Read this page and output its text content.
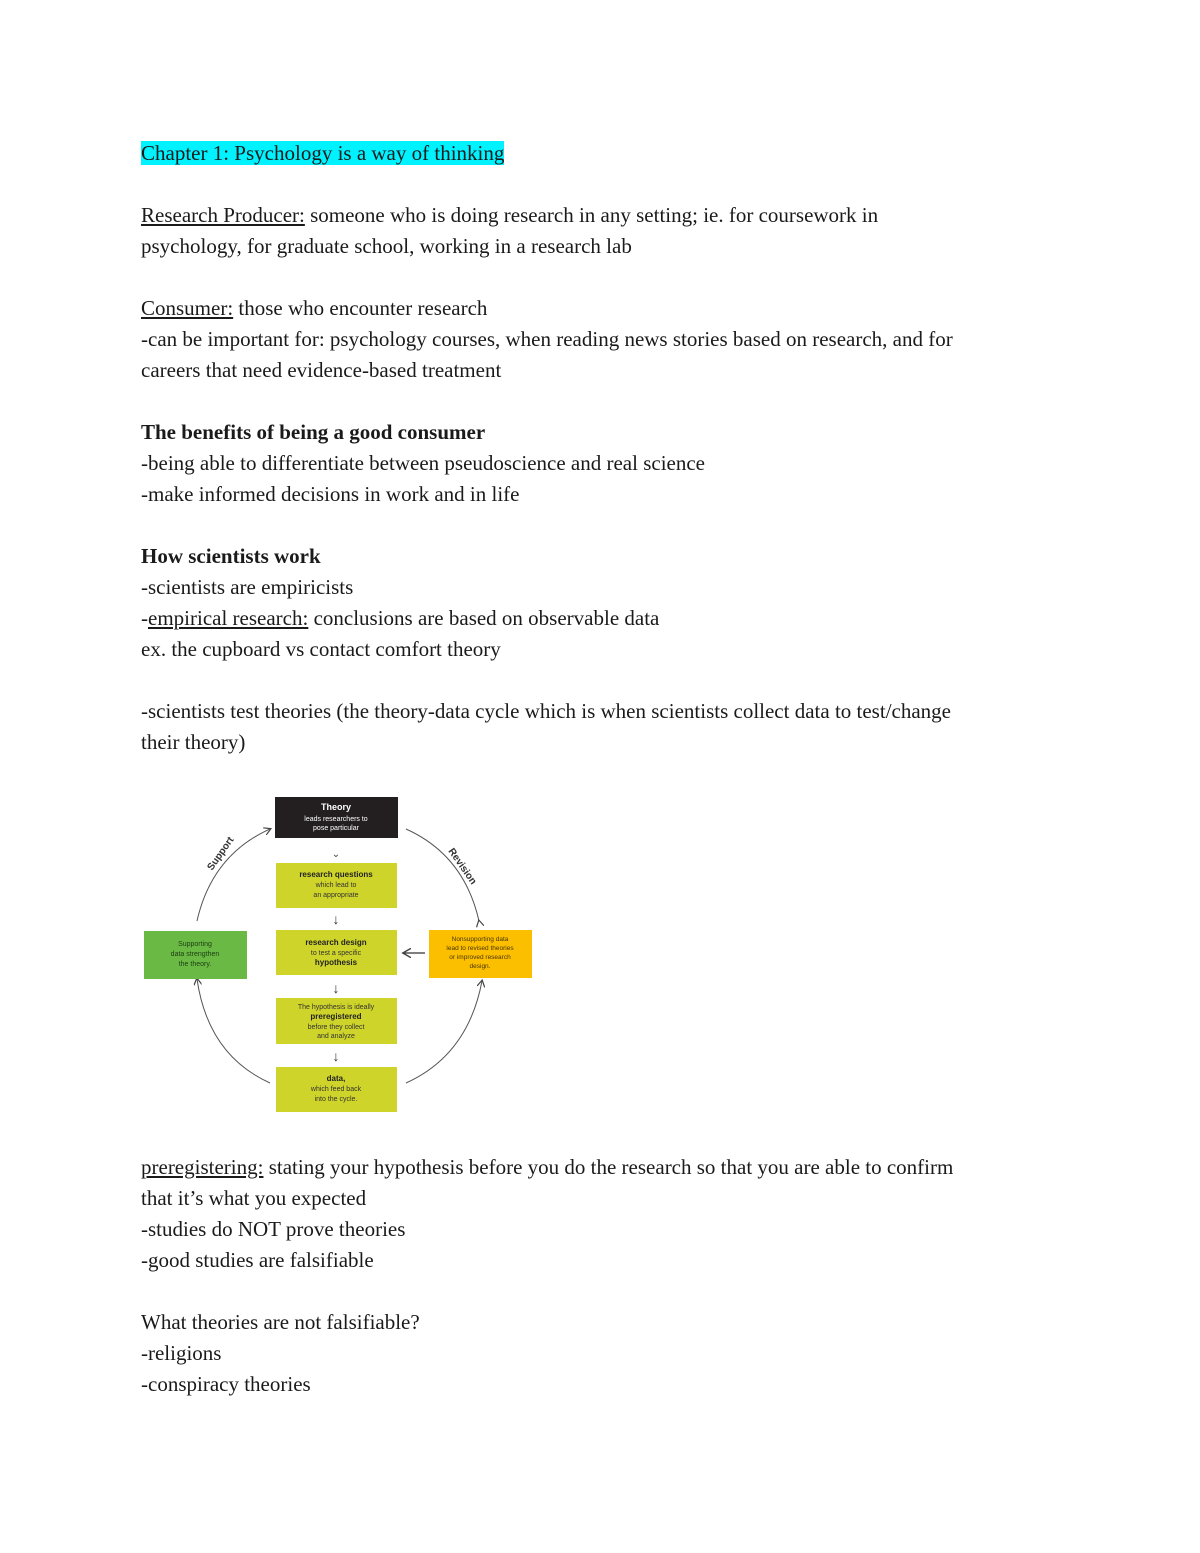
Chapter 1: Psychology is a way of thinking
Research Producer: someone who is doing research in any setting; ie. for coursework in
psychology, for graduate school, working in a research lab
Consumer: those who encounter research
-can be important for: psychology courses, when reading news stories based on research, and for
careers that need evidence-based treatment
The benefits of being a good consumer
-being able to differentiate between pseudoscience and real science
-make informed decisions in work and in life
How scientists work
-scientists are empiricists
-empirical research: conclusions are based on observable data
ex. the cupboard vs contact comfort theory
-scientists test theories (the theory-data cycle which is when scientists collect data to test/change
their theory)
Support	Revision
Theory
leads researchers to
pose particular
⌄
research questions
which lead to
an appropriate
↓
research design
to test a specific
hypothesis
↓
The hypothesis is ideally
preregistered
before they collect
and analyze
↓
data,
which feed back
into the cycle.
Supporting
data strengthen
the theory.
Nonsupporting data
lead to revised theories
or improved research
design.
preregistering: stating your hypothesis before you do the research so that you are able to confirm
that it’s what you expected
-studies do NOT prove theories
-good studies are falsifiable
What theories are not falsifiable?
-religions
-conspiracy theories
